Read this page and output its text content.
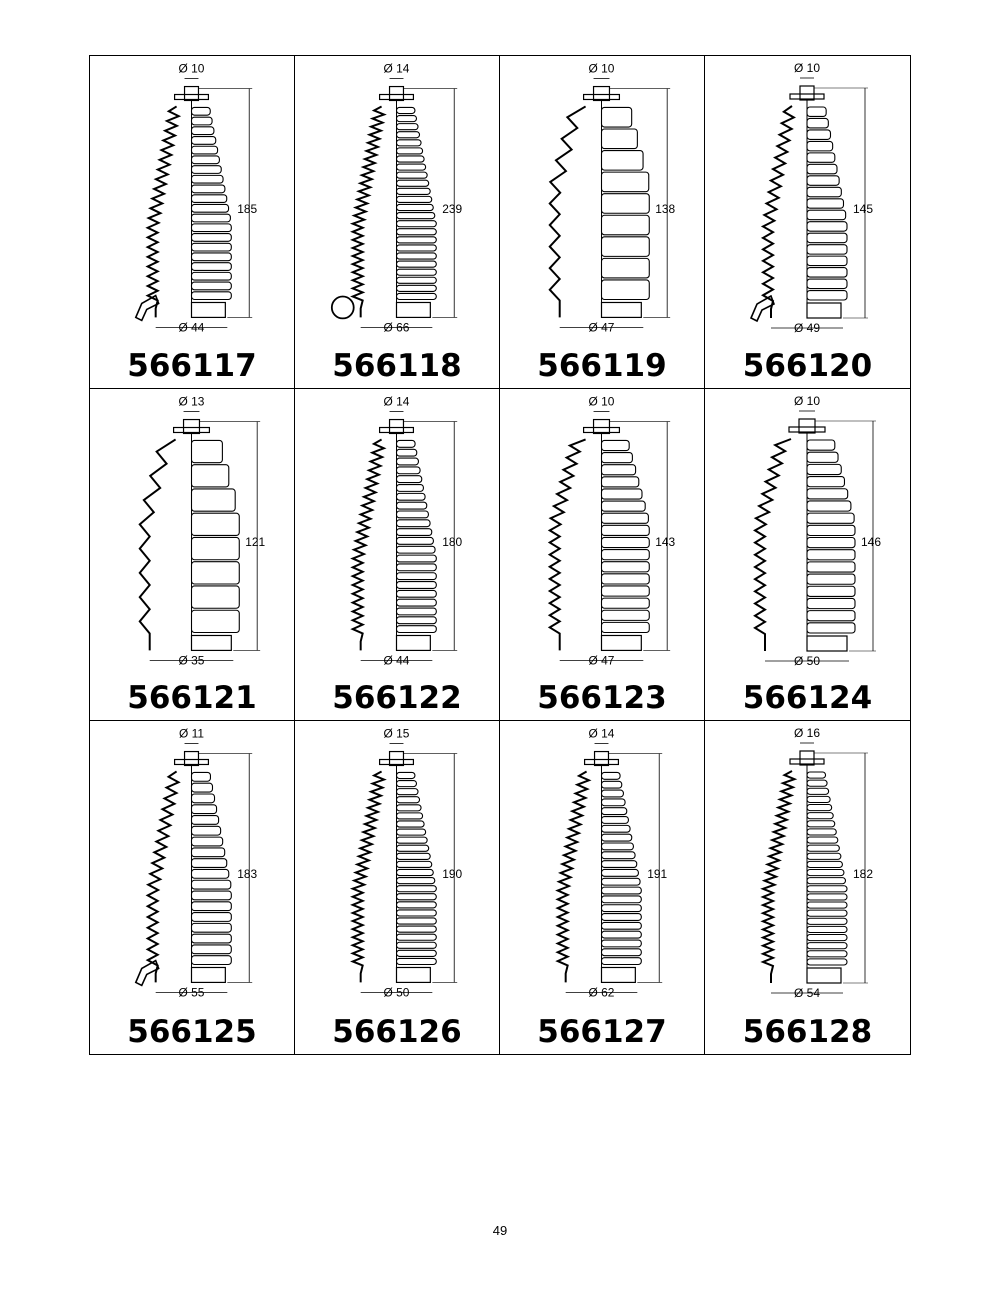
185
Ø 10
Ø 44
566117
239
Ø 14
Ø 66
566118
138
Ø 10
Ø 47
566119
145
Ø 10
Ø 49
566120
121
Ø 13
Ø 35
566121
180
Ø 14
Ø 44
566122
143
Ø 10
Ø 47
566123
146
Ø 10
Ø 50
566124
183
Ø 11
Ø 55
566125
190
Ø 15
Ø 50
566126
191
Ø 14
Ø 62
566127
182
Ø 16
Ø 54
566128
49
